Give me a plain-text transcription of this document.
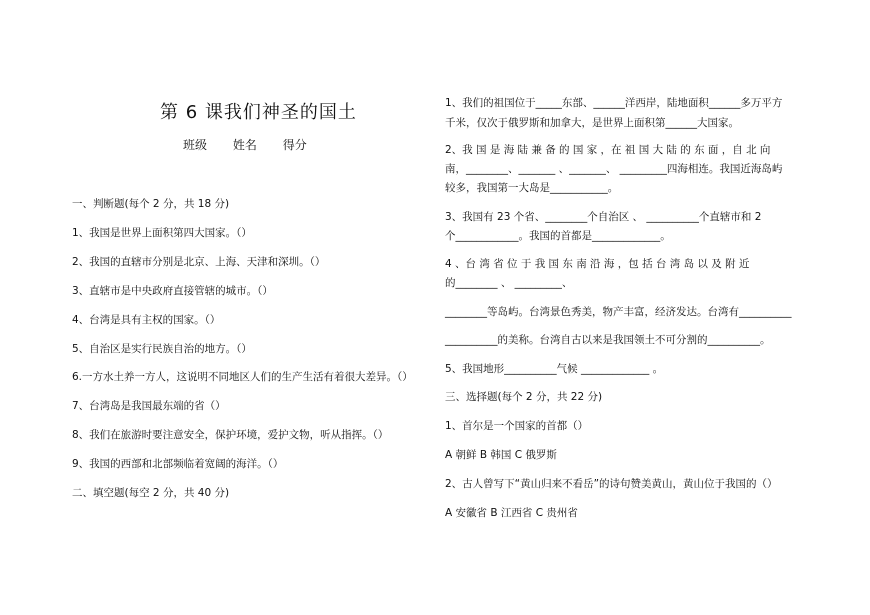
第 6 课我们神圣的国土
班级 姓名 得分
一、判断题(每个 2 分，共 18 分)
1、我国是世界上面积第四大国家。（）
2、我国的直辖市分别是北京、上海、天津和深圳。（）
3、直辖市是中央政府直接管辖的城市。（）
4、台湾是具有主权的国家。（）
5、自治区是实行民族自治的地方。（）
6.一方水土养一方人，这说明不同地区人们的生产生活有着很大差异。（）
7、台湾岛是我国最东端的省（）
8、我们在旅游时要注意安全，保护环境，爱护文物，听从指挥。（）
9、我国的西部和北部频临着宽阔的海洋。（）
二、填空题(每空 2 分，共 40 分)
1、我们的祖国位于_____东部、______洋西岸，陆地面积______多万平方
千米，仅次于俄罗斯和加拿大，是世界上面积第______大国家。
2、我 国 是 海 陆 兼 备 的 国 家 ，在 祖 国 大 陆 的 东 面 ，自 北 向
南，________、_______ 、_______、 _________四海相连。我国近海岛屿
较多，我国第一大岛是___________。
3、我国有 23 个省、________个自治区 、 __________个直辖市和 2
个____________。我国的首都是_____________。
4 、台 湾 省 位 于 我 国 东 南 沿 海 ，包 括 台 湾 岛 以 及 附 近
的________ 、 _________、
________等岛屿。台湾景色秀美，物产丰富，经济发达。台湾有__________
__________的美称。台湾自古以来是我国领土不可分割的__________。
5、我国地形__________气候 _____________ 。
三、选择题(每个 2 分，共 22 分)
1、首尔是一个国家的首都（）
A 朝鲜 B 韩国 C 俄罗斯
2、古人曾写下“黄山归来不看岳”的诗句赞美黄山，黄山位于我国的（）
A 安徽省 B 江西省 C 贵州省
